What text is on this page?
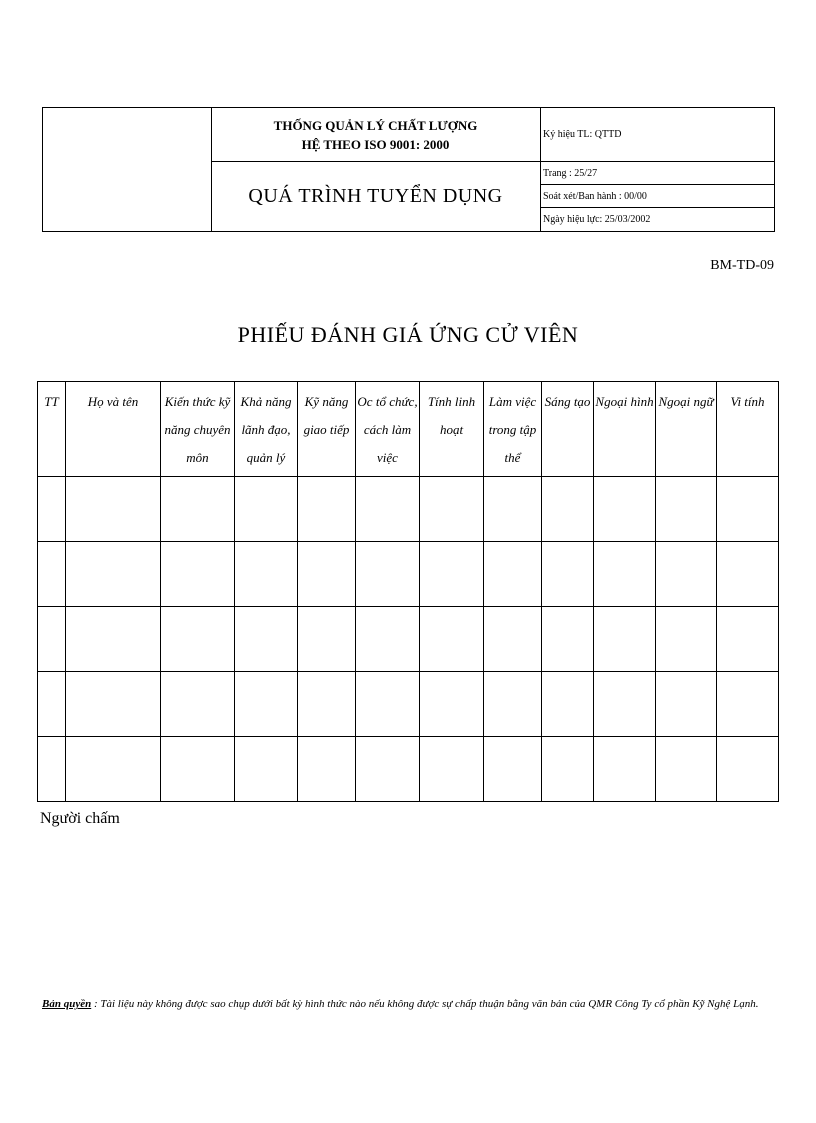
THỐNG QUẢN LÝ CHẤT LƯỢNG
HỆ THEO ISO 9001: 2000
QUÁ TRÌNH TUYỂN DỤNG
Ký hiệu TL: QTTD
Trang : 25/27
Soát xét/Ban hành : 00/00
Ngày hiệu lực: 25/03/2002
BM-TD-09
PHIẾU ĐÁNH GIÁ ỨNG CỬ VIÊN
TT	Họ và tên	Kiến thức kỹ năng chuyên môn	Khả năng lãnh đạo, quản lý	Kỹ năng giao tiếp	Oc tổ chức, cách làm việc	Tính linh hoạt	Làm việc trong tập thể	Sáng tạo	Ngoại hình	Ngoại ngữ	Vi tính

Người chấm
Bản quyền : Tài liệu này không được sao chụp dưới bất kỳ hình thức nào nếu không được sự chấp thuận bằng văn bản của QMR Công Ty cổ phần Kỹ Nghệ Lạnh.
